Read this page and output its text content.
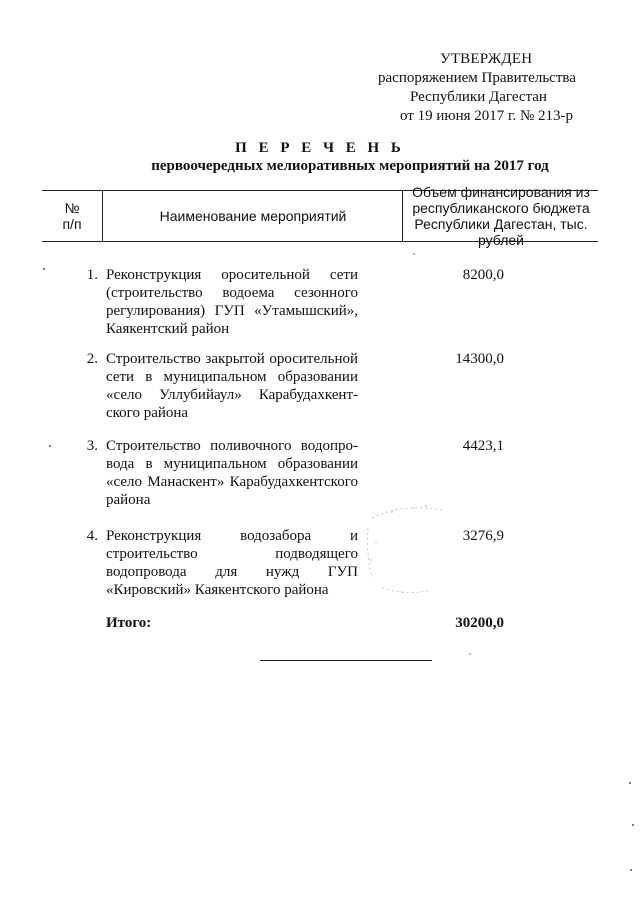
УТВЕРЖДЕН
распоряжением Правительства
Республики Дагестан
от 19 июня 2017 г. № 213-р
П Е Р Е Ч Е Н Ь
первоочередных мелиоративных мероприятий на 2017 год
№
п/п	Наименование мероприятий
Объем финансирования из
республиканского бюджета
Республики Дагестан, тыс. рублей
1. Реконструкция оросительной сети (строительство водоема сезонного регулирования) ГУП «Утамышский», Каякентский район
8200,0
2. Строительство закрытой оросительной сети в муниципальном образовании «село Уллубийаул» Карабудахкентского района
14300,0
3. Строительство поливочного водопровода в муниципальном образовании «село Манаскент» Карабудахкентского района
4423,1
4. Реконструкция водозабора и строительство подводящего водопровода для нужд ГУП «Кировский» Каякентского района
3276,9
Итого:	30200,0
